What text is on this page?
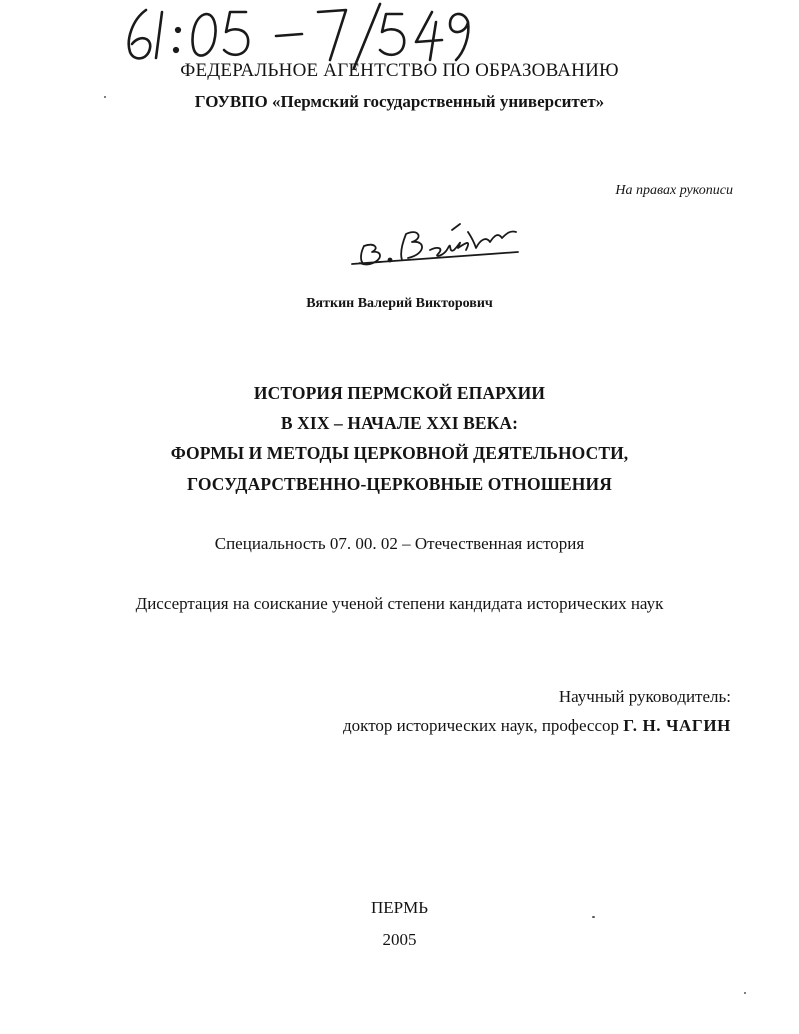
ФЕДЕРАЛЬНОЕ АГЕНТСТВО ПО ОБРАЗОВАНИЮ
ГОУВПО «Пермский государственный университет»
На правах рукописи
Вяткин Валерий Викторович
ИСТОРИЯ ПЕРМСКОЙ ЕПАРХИИ
В XIX – НАЧАЛЕ XXI ВЕКА:
ФОРМЫ И МЕТОДЫ ЦЕРКОВНОЙ ДЕЯТЕЛЬНОСТИ,
ГОСУДАРСТВЕННО-ЦЕРКОВНЫЕ ОТНОШЕНИЯ
Специальность 07. 00. 02 – Отечественная история
Диссертация на соискание ученой степени кандидата исторических наук
Научный руководитель:
доктор исторических наук, профессор Г. Н. ЧАГИН
ПЕРМЬ
2005
